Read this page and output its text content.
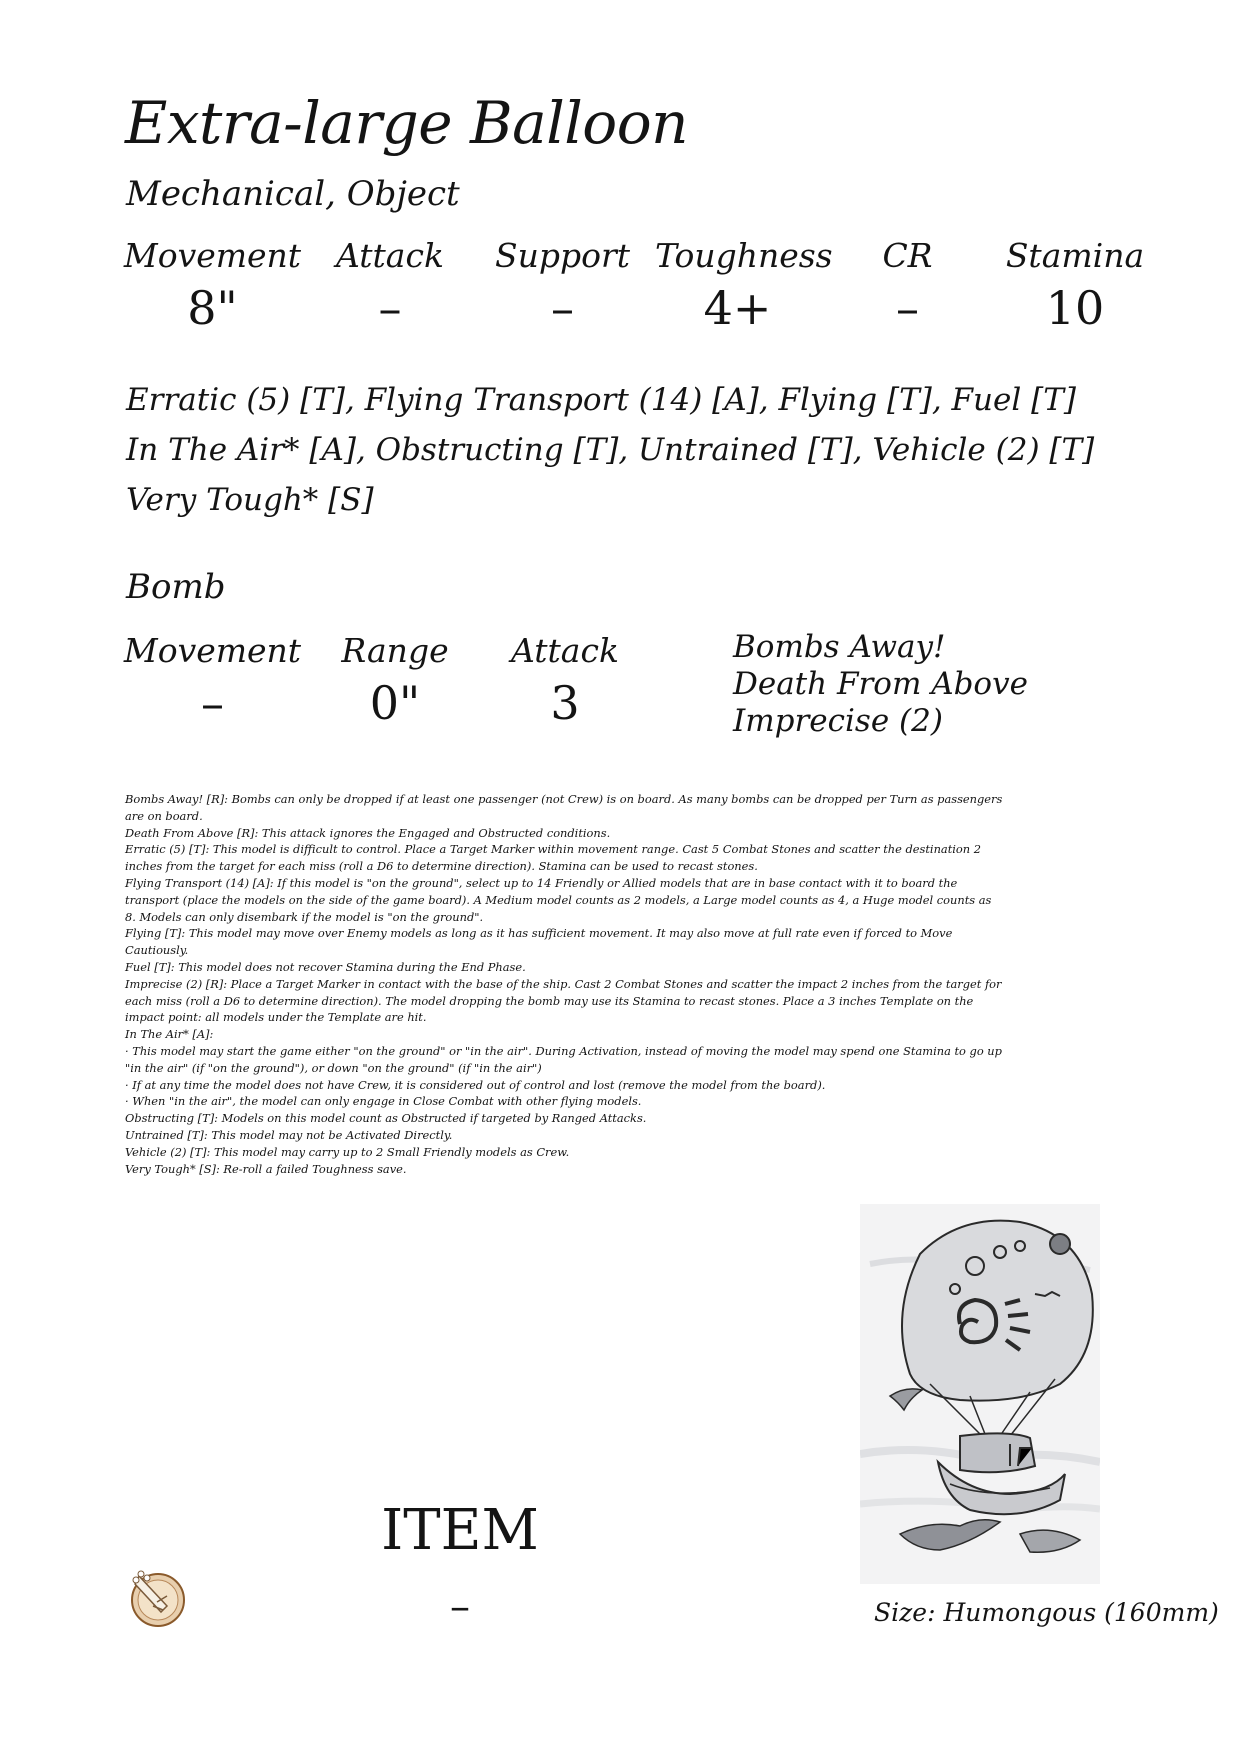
Extra-large Balloon
Mechanical, Object
Movement
8"
Attack
–
Support
–
Toughness
4+
CR
–
Stamina
10
Erratic (5) [T], Flying Transport (14) [A], Flying [T], Fuel [T]
In The Air* [A], Obstructing [T], Untrained [T], Vehicle (2) [T]
Very Tough* [S]
Bomb
Movement
–
Range
0"
Attack
3
Bombs Away!
Death From Above
Imprecise (2)

Bombs Away! [R]: Bombs can only be dropped if at least one passenger (not Crew) is on board. As many bombs can be dropped per Turn as passengers are on board.

Death From Above [R]: This attack ignores the Engaged and Obstructed conditions.

Erratic (5) [T]: This model is difficult to control. Place a Target Marker within movement range. Cast 5 Combat Stones and scatter the destination 2 inches from the target for each miss (roll a D6 to determine direction). Stamina can be used to recast stones.

Flying Transport (14) [A]: If this model is "on the ground", select up to 14 Friendly or Allied models that are in base contact with it to board the transport (place the models on the side of the game board). A Medium model counts as 2 models, a Large model counts as 4, a Huge model counts as 8. Models can only disembark if the model is "on the ground".

Flying [T]: This model may move over Enemy models as long as it has sufficient movement. It may also move at full rate even if forced to Move Cautiously.

Fuel [T]: This model does not recover Stamina during the End Phase.

Imprecise (2) [R]: Place a Target Marker in contact with the base of the ship. Cast 2 Combat Stones and scatter the impact 2 inches from the target for each miss (roll a D6 to determine direction). The model dropping the bomb may use its Stamina to recast stones. Place a 3 inches Template on the impact point: all models under the Template are hit.

In The Air* [A]:

· This model may start the game either "on the ground" or "in the air". During Activation, instead of moving the model may spend one Stamina to go up "in the air" (if "on the ground"), or down "on the ground" (if "in the air")

· If at any time the model does not have Crew, it is considered out of control and lost (remove the model from the board).

· When "in the air", the model can only engage in Close Combat with other flying models.

Obstructing [T]: Models on this model count as Obstructed if targeted by Ranged Attacks.

Untrained [T]: This model may not be Activated Directly.

Vehicle (2) [T]: This model may carry up to 2 Small Friendly models as Crew.

Very Tough* [S]: Re-roll a failed Toughness save.

ITEM
–	Size: Humongous (160mm)
